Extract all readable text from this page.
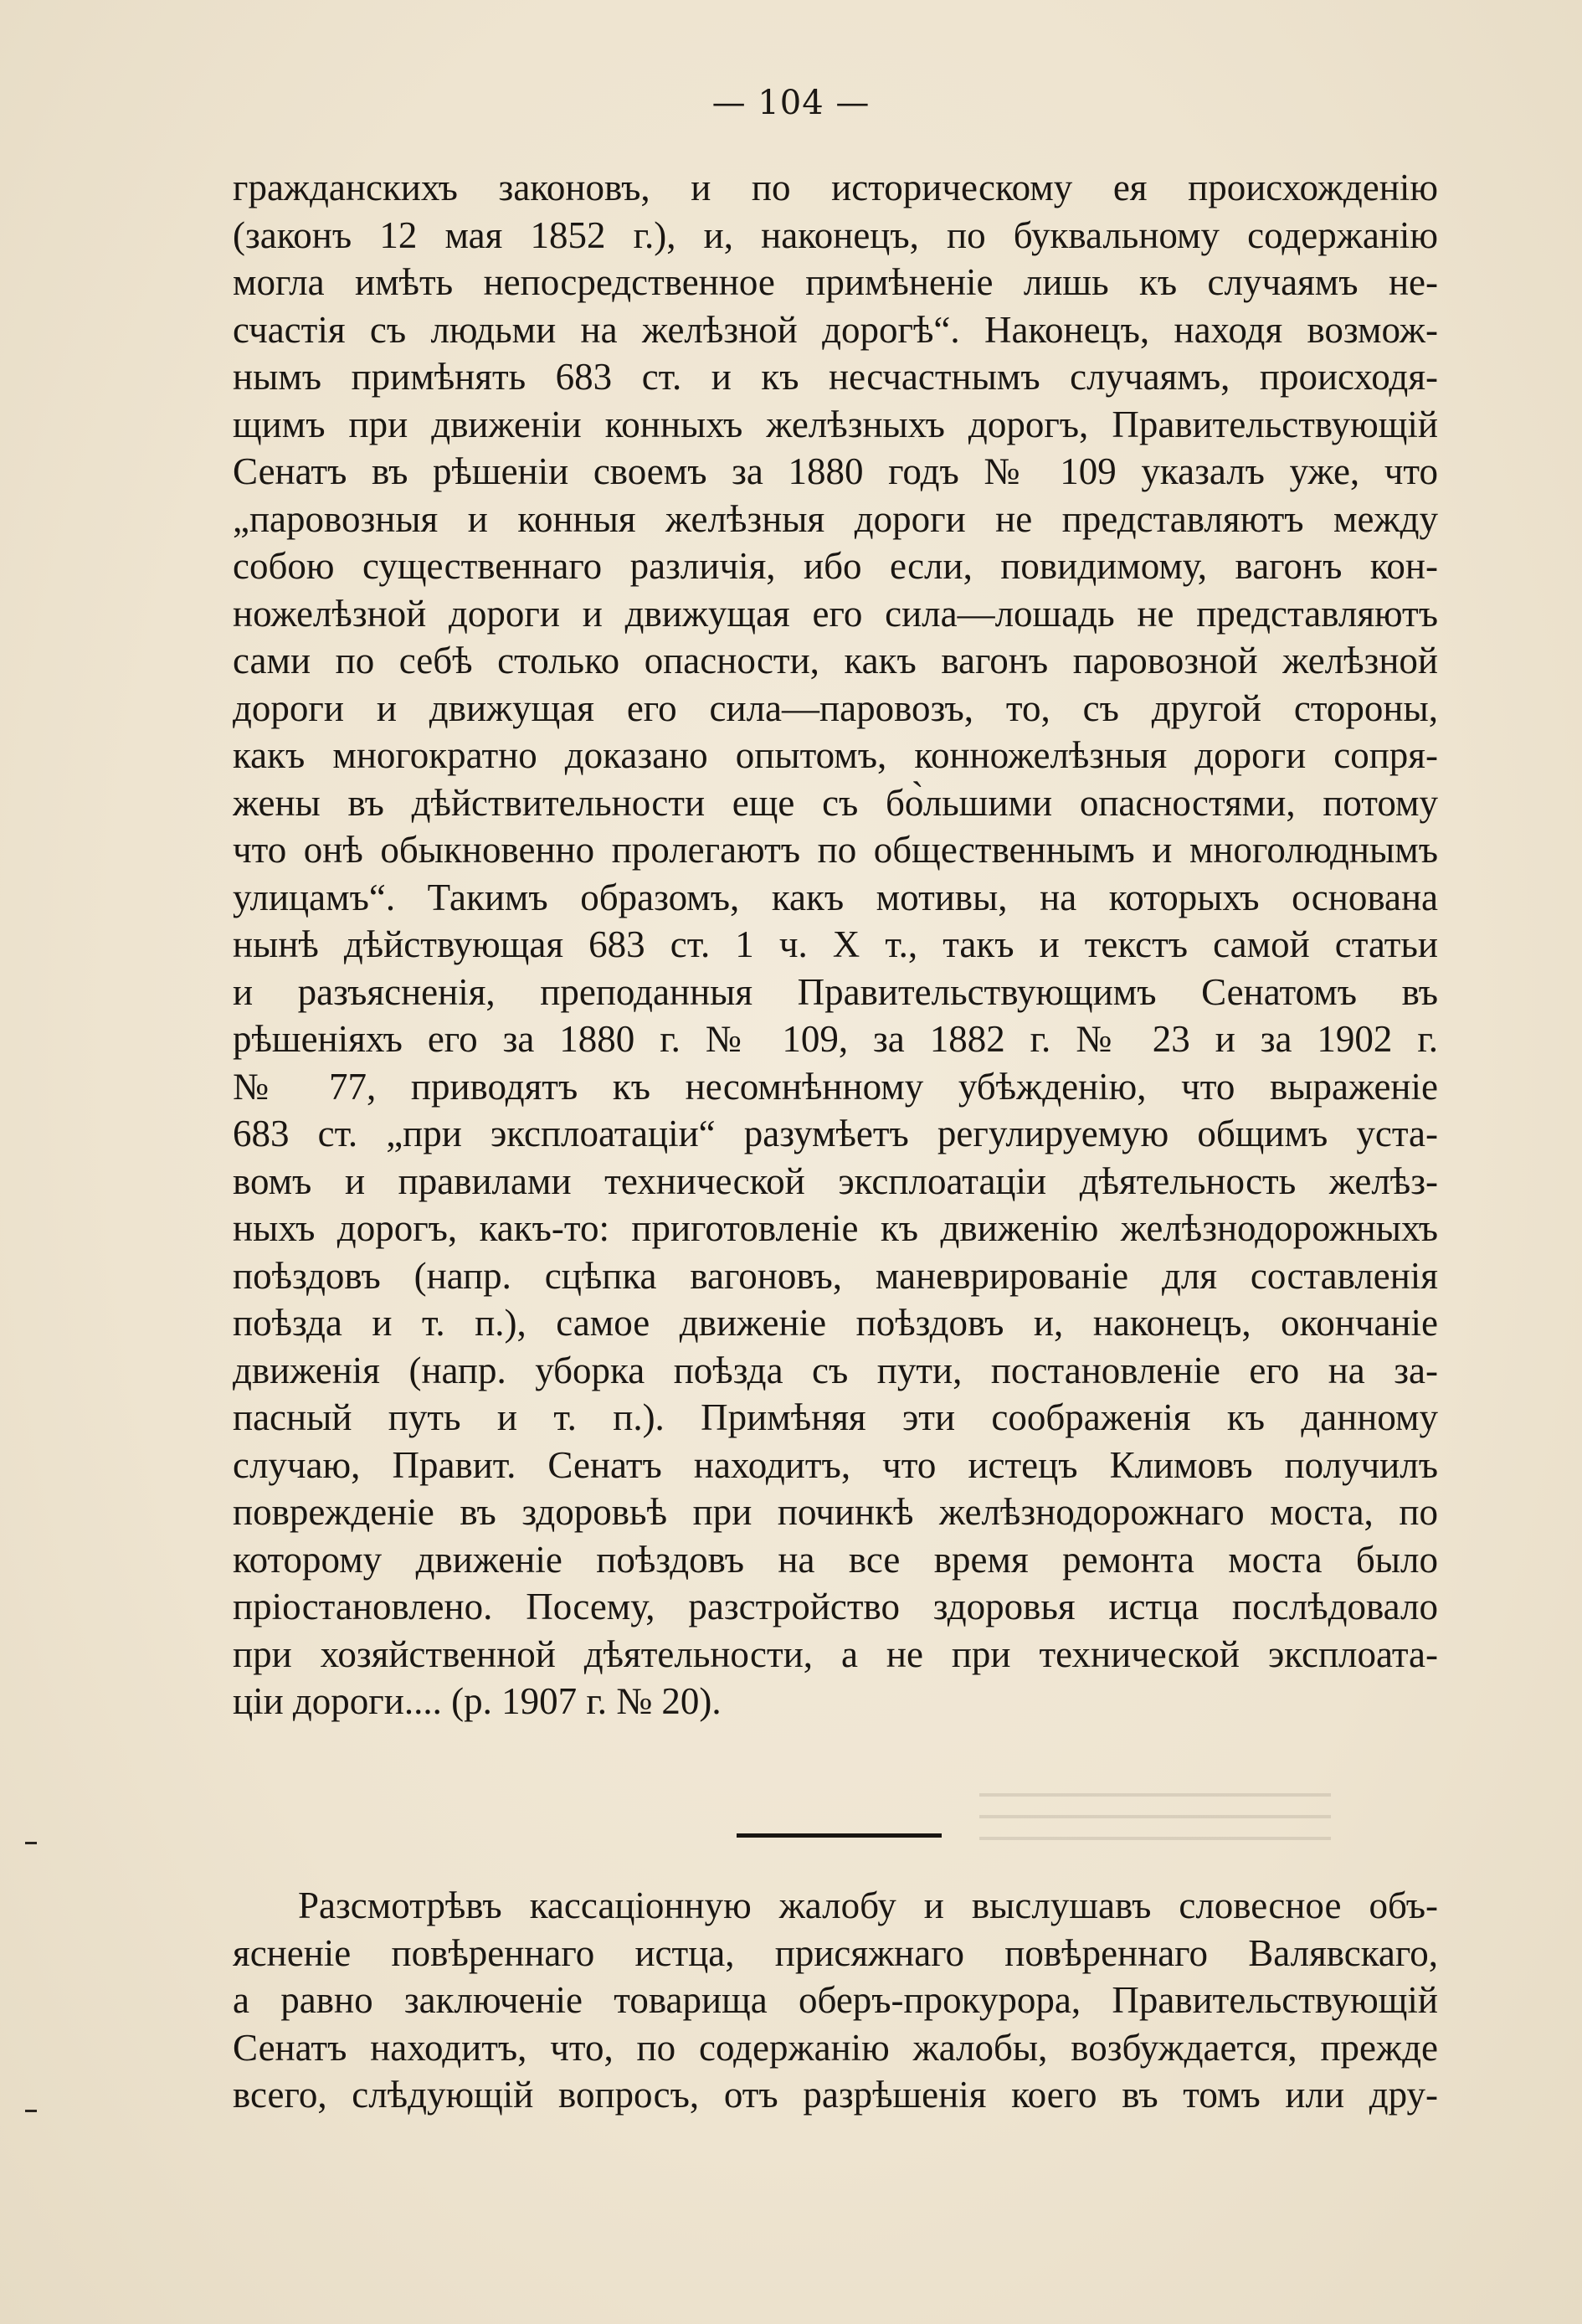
— 104 —
гражданскихъ законовъ, и по историческому ея происхожденію
(законъ 12 мая 1852 г.), и, наконецъ, по буквальному содержанію
могла имѣть непосредственное примѣненіе лишь къ случаямъ не-
счастія съ людьми на желѣзной дорогѣ“. Наконецъ, находя возмож-
нымъ примѣнять 683 ст. и къ несчастнымъ случаямъ, происходя-
щимъ при движеніи конныхъ желѣзныхъ дорогъ, Правительствующій
Сенатъ въ рѣшеніи своемъ за 1880 годъ № 109 указалъ уже, что
„паровозныя и конныя желѣзныя дороги не представляютъ между
собою существеннаго различія, ибо если, повидимому, вагонъ кон-
ножелѣзной дороги и движущая его сила—лошадь не представляютъ
сами по себѣ столько опасности, какъ вагонъ паровозной желѣзной
дороги и движущая его сила—паровозъ, то, съ другой стороны,
какъ многократно доказано опытомъ, конножелѣзныя дороги сопря-
жены въ дѣйствительности еще съ бо̀льшими опасностями, потому
что онѣ обыкновенно пролегаютъ по общественнымъ и многолюднымъ
улицамъ“. Такимъ образомъ, какъ мотивы, на которыхъ основана
нынѣ дѣйствующая 683 ст. 1 ч. X т., такъ и текстъ самой статьи
и разъясненія, преподанныя Правительствующимъ Сенатомъ въ
рѣшеніяхъ его за 1880 г. № 109, за 1882 г. № 23 и за 1902 г.
№ 77, приводятъ къ несомнѣнному убѣжденію, что выраженіе
683 ст. „при эксплоатаціи“ разумѣетъ регулируемую общимъ уста-
вомъ и правилами технической эксплоатаціи дѣятельность желѣз-
ныхъ дорогъ, какъ-то: приготовленіе къ движенію желѣзнодорожныхъ
поѣздовъ (напр. сцѣпка вагоновъ, маневрированіе для составленія
поѣзда и т. п.), самое движеніе поѣздовъ и, наконецъ, окончаніе
движенія (напр. уборка поѣзда съ пути, постановленіе его на за-
пасный путь и т. п.). Примѣняя эти соображенія къ данному
случаю, Правит. Сенатъ находитъ, что истецъ Климовъ получилъ
поврежденіе въ здоровьѣ при починкѣ желѣзнодорожнаго моста, по
которому движеніе поѣздовъ на все время ремонта моста было
пріостановлено. Посему, разстройство здоровья истца послѣдовало
при хозяйственной дѣятельности, а не при технической эксплоата-
ціи дороги.... (р. 1907 г. № 20).
Разсмотрѣвъ кассаціонную жалобу и выслушавъ словесное объ-
ясненіе повѣреннаго истца, присяжнаго повѣреннаго Валявскаго,
а равно заключеніе товарища оберъ-прокурора, Правительствующій
Сенатъ находитъ, что, по содержанію жалобы, возбуждается, прежде
всего, слѣдующій вопросъ, отъ разрѣшенія коего въ томъ или дру-
